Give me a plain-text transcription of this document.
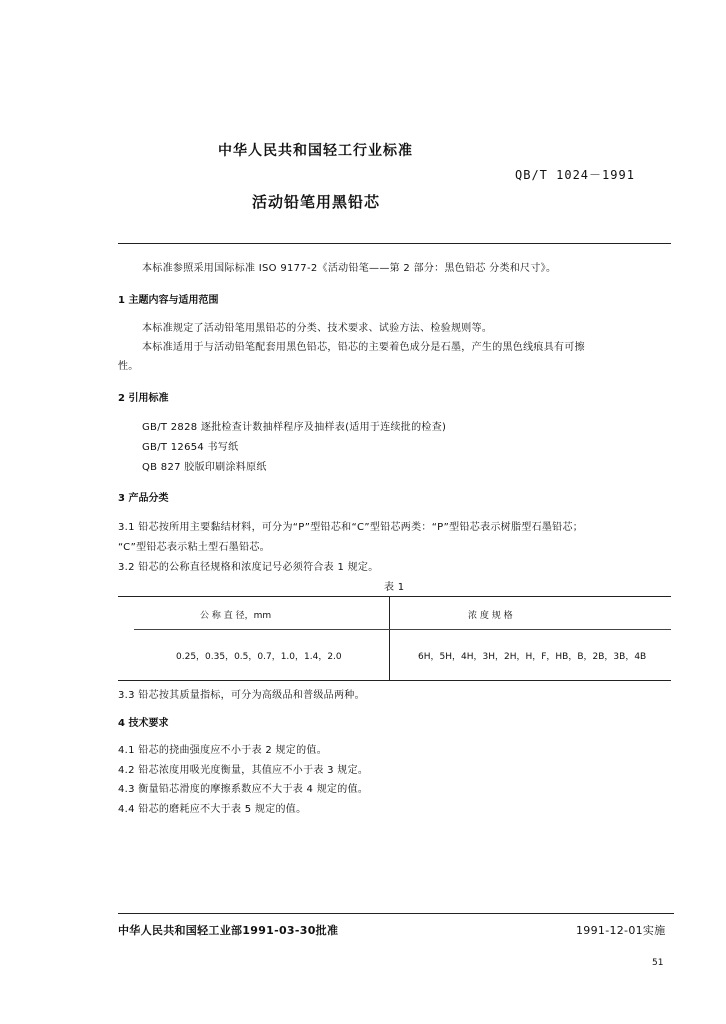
中华人民共和国轻工行业标准
QB/T 1024－1991
活动铅笔用黑铅芯
本标准参照采用国际标准 ISO 9177-2《活动铅笔——第 2 部分：黑色铅芯 分类和尺寸》。
1 主题内容与适用范围
本标准规定了活动铅笔用黑铅芯的分类、技术要求、试验方法、检验规则等。
本标准适用于与活动铅笔配套用黑色铅芯，铅芯的主要着色成分是石墨，产生的黑色线痕具有可擦
性。
2 引用标准
GB/T 2828 逐批检查计数抽样程序及抽样表(适用于连续批的检查)
GB/T 12654 书写纸
QB 827 胶版印刷涂料原纸
3 产品分类
3.1 铅芯按所用主要黏结材料，可分为“P”型铅芯和“C”型铅芯两类：“P”型铅芯表示树脂型石墨铅芯；
“C”型铅芯表示粘土型石墨铅芯。
3.2 铅芯的公称直径规格和浓度记号必须符合表 1 规定。
表 1
公 称 直 径，mm	浓 度 规 格
0.25，0.35，0.5，0.7，1.0，1.4，2.0	6H，5H，4H，3H，2H，H，F，HB，B，2B，3B，4B
3.3 铅芯按其质量指标，可分为高级品和普级品两种。
4 技术要求
4.1 铅芯的挠曲强度应不小于表 2 规定的值。
4.2 铅芯浓度用吸光度衡量，其值应不小于表 3 规定。
4.3 衡量铅芯滑度的摩擦系数应不大于表 4 规定的值。
4.4 铅芯的磨耗应不大于表 5 规定的值。
中华人民共和国轻工业部1991-03-30批准	1991-12-01实施
51
